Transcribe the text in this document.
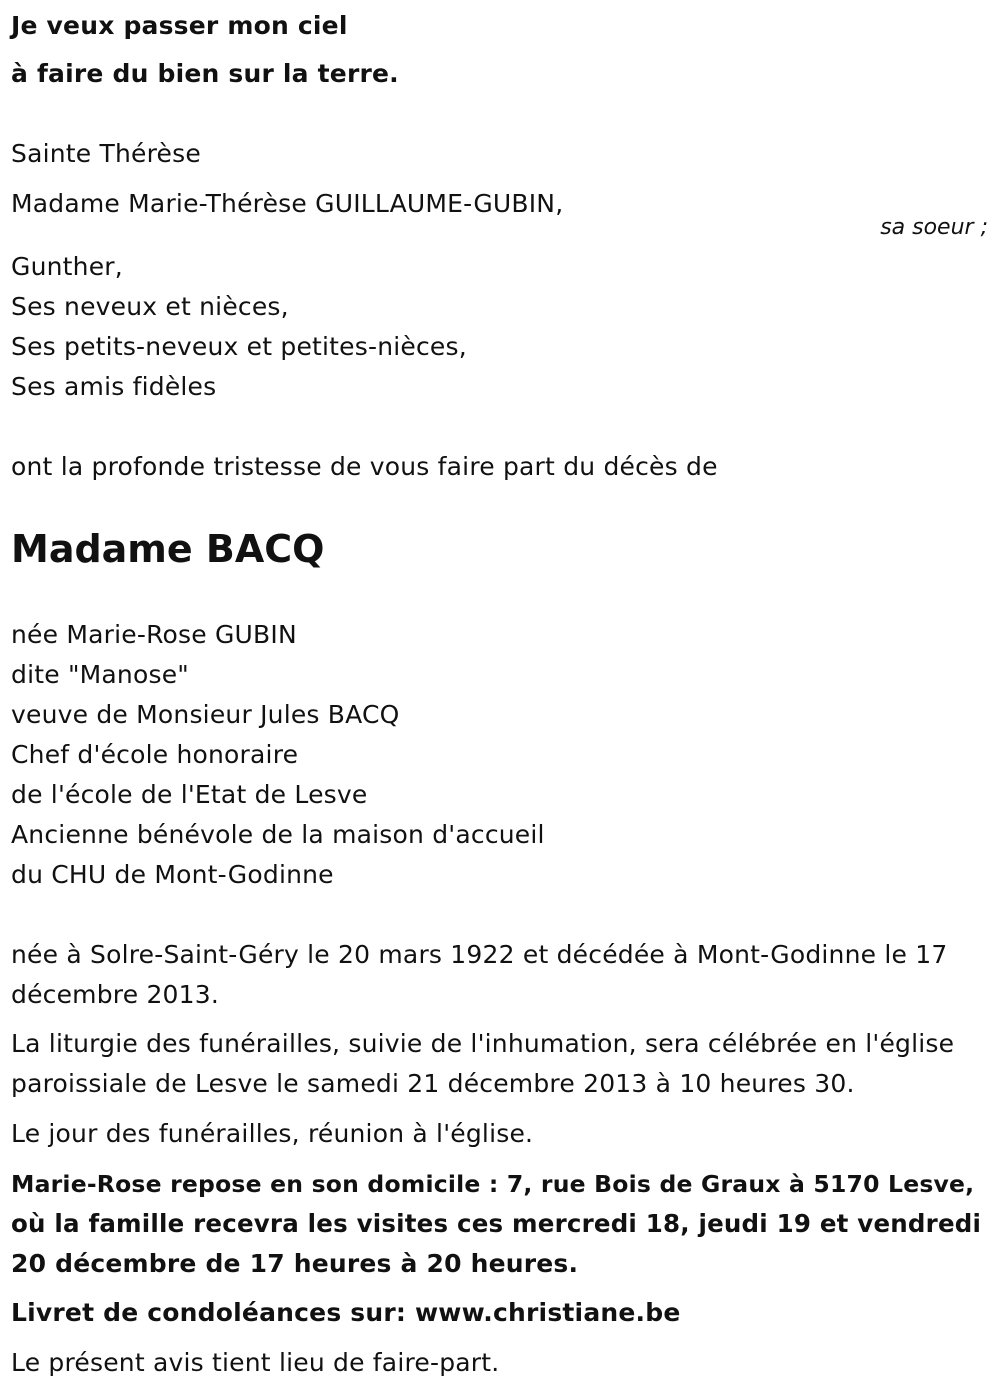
Je veux passer mon ciel
à faire du bien sur la terre.
Sainte Thérèse
Madame Marie-Thérèse GUILLAUME-GUBIN,
sa soeur ;
Gunther,
Ses neveux et nièces,
Ses petits-neveux et petites-nièces,
Ses amis fidèles
ont la profonde tristesse de vous faire part du décès de
Madame BACQ
née Marie-Rose GUBIN
dite "Manose"
veuve de Monsieur Jules BACQ
Chef d'école honoraire
de l'école de l'Etat de Lesve
Ancienne bénévole de la maison d'accueil
du CHU de Mont-Godinne
née à Solre-Saint-Géry le 20 mars 1922 et décédée à Mont-Godinne le 17
décembre 2013.
La liturgie des funérailles, suivie de l'inhumation, sera célébrée en l'église
paroissiale de Lesve le samedi 21 décembre 2013 à 10 heures 30.
Le jour des funérailles, réunion à l'église.
Marie-Rose repose en son domicile : 7, rue Bois de Graux à 5170 Lesve,
où la famille recevra les visites ces mercredi 18, jeudi 19 et vendredi
20 décembre de 17 heures à 20 heures.
Livret de condoléances sur: www.christiane.be
Le présent avis tient lieu de faire-part.
